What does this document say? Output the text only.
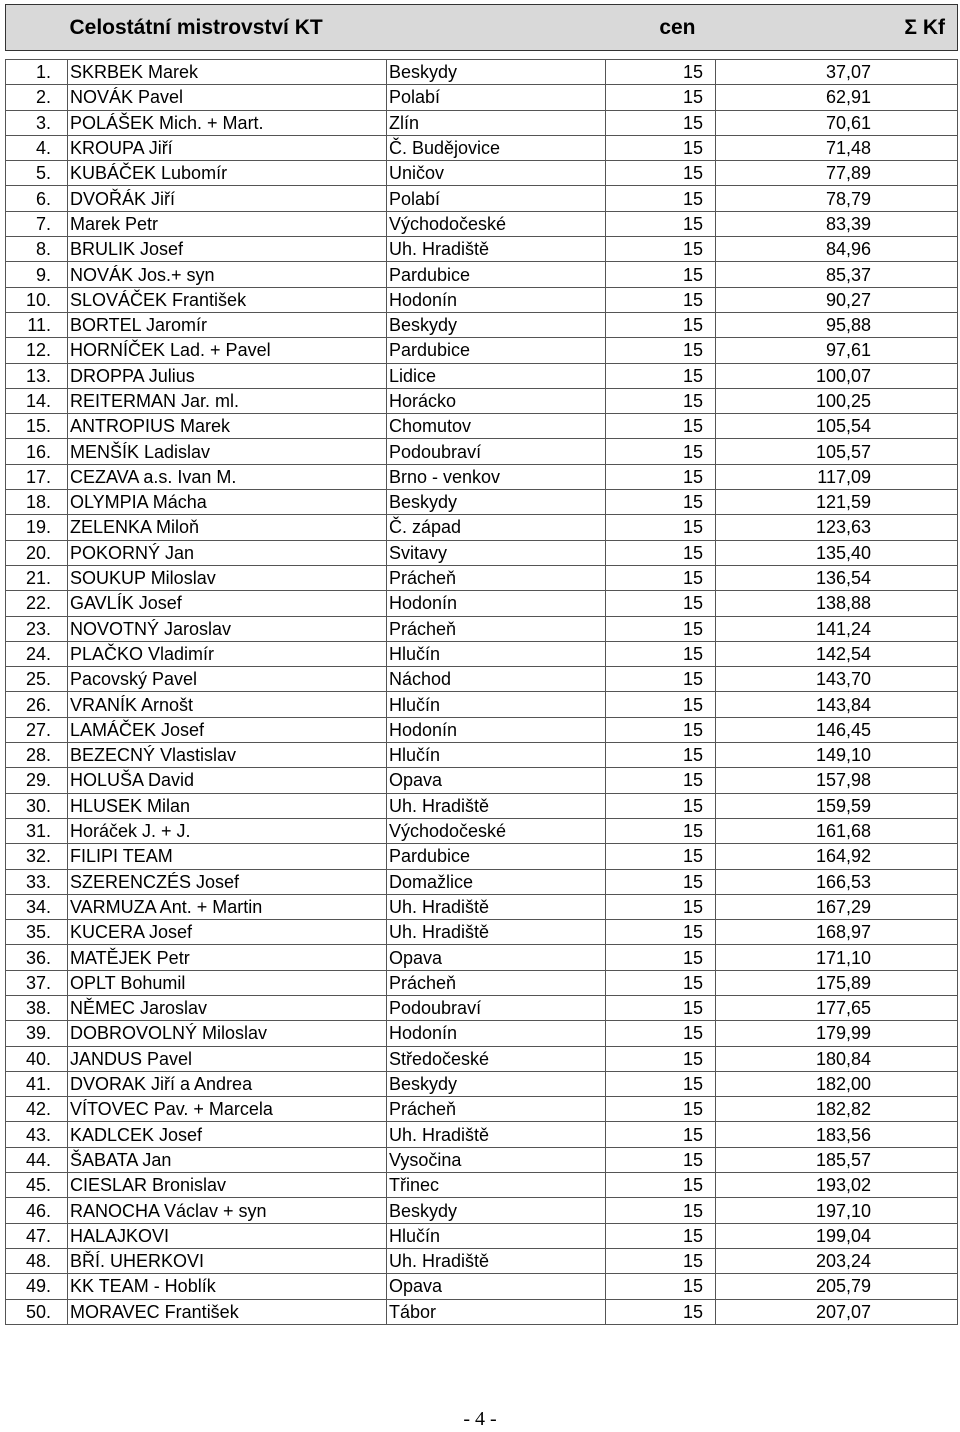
	Celostátní mistrovství KT		cen	Σ Kf

1.	SKRBEK Marek	Beskydy	15	37,07
2.	NOVÁK Pavel	Polabí	15	62,91
3.	POLÁŠEK Mich. + Mart.	Zlín	15	70,61
4.	KROUPA Jiří	Č. Budějovice	15	71,48
5.	KUBÁČEK Lubomír	Uničov	15	77,89
6.	DVOŘÁK Jiří	Polabí	15	78,79
7.	Marek Petr	Východočeské	15	83,39
8.	BRULIK Josef	Uh. Hradiště	15	84,96
9.	NOVÁK Jos.+ syn	Pardubice	15	85,37
10.	SLOVÁČEK František	Hodonín	15	90,27
11.	BORTEL Jaromír	Beskydy	15	95,88
12.	HORNÍČEK Lad. + Pavel	Pardubice	15	97,61
13.	DROPPA Julius	Lidice	15	100,07
14.	REITERMAN Jar. ml.	Horácko	15	100,25
15.	ANTROPIUS Marek	Chomutov	15	105,54
16.	MENŠÍK Ladislav	Podoubraví	15	105,57
17.	CEZAVA a.s. Ivan M.	Brno - venkov	15	117,09
18.	OLYMPIA Mácha	Beskydy	15	121,59
19.	ZELENKA Miloň	Č. západ	15	123,63
20.	POKORNÝ Jan	Svitavy	15	135,40
21.	SOUKUP Miloslav	Prácheň	15	136,54
22.	GAVLÍK Josef	Hodonín	15	138,88
23.	NOVOTNÝ Jaroslav	Prácheň	15	141,24
24.	PLAČKO Vladimír	Hlučín	15	142,54
25.	Pacovský Pavel	Náchod	15	143,70
26.	VRANÍK Arnošt	Hlučín	15	143,84
27.	LAMÁČEK Josef	Hodonín	15	146,45
28.	BEZECNÝ Vlastislav	Hlučín	15	149,10
29.	HOLUŠA David	Opava	15	157,98
30.	HLUSEK Milan	Uh. Hradiště	15	159,59
31.	Horáček J. + J.	Východočeské	15	161,68
32.	FILIPI TEAM	Pardubice	15	164,92
33.	SZERENCZÉS Josef	Domažlice	15	166,53
34.	VARMUZA Ant. + Martin	Uh. Hradiště	15	167,29
35.	KUCERA Josef	Uh. Hradiště	15	168,97
36.	MATĚJEK Petr	Opava	15	171,10
37.	OPLT Bohumil	Prácheň	15	175,89
38.	NĚMEC Jaroslav	Podoubraví	15	177,65
39.	DOBROVOLNÝ Miloslav	Hodonín	15	179,99
40.	JANDUS Pavel	Středočeské	15	180,84
41.	DVORAK Jiří a Andrea	Beskydy	15	182,00
42.	VÍTOVEC Pav. + Marcela	Prácheň	15	182,82
43.	KADLCEK Josef	Uh. Hradiště	15	183,56
44.	ŠABATA Jan	Vysočina	15	185,57
45.	CIESLAR Bronislav	Třinec	15	193,02
46.	RANOCHA Václav + syn	Beskydy	15	197,10
47.	HALAJKOVI	Hlučín	15	199,04
48.	BŘÍ. UHERKOVI	Uh. Hradiště	15	203,24
49.	KK TEAM - Hoblík	Opava	15	205,79
50.	MORAVEC František	Tábor	15	207,07
- 4 -
